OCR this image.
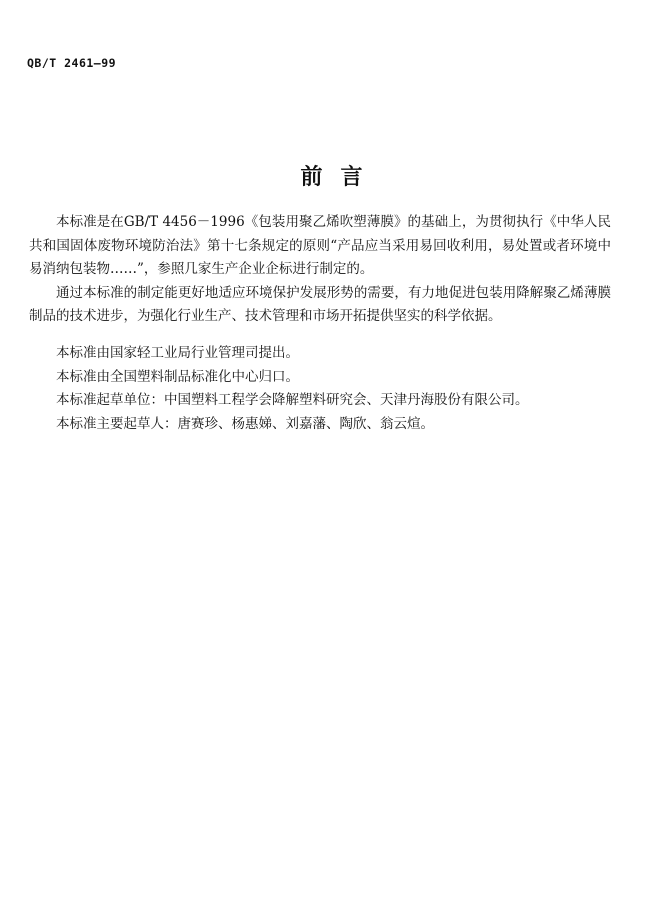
QB/T 2461—99

前言

本标准是在GB/T 4456－1996《包装用聚乙烯吹塑薄膜》的基础上，为贯彻执行《中华人民共和国固体废物环境防治法》第十七条规定的原则“产品应当采用易回收利用，易处置或者环境中易消纳包装物……”，参照几家生产企业企标进行制定的。

通过本标准的制定能更好地适应环境保护发展形势的需要，有力地促进包装用降解聚乙烯薄膜制品的技术进步，为强化行业生产、技术管理和市场开拓提供坚实的科学依据。

本标准由国家轻工业局行业管理司提出。

本标准由全国塑料制品标准化中心归口。

本标准起草单位：中国塑料工程学会降解塑料研究会、天津丹海股份有限公司。

本标准主要起草人：唐赛珍、杨惠娣、刘嘉藩、陶欣、翁云煊。
